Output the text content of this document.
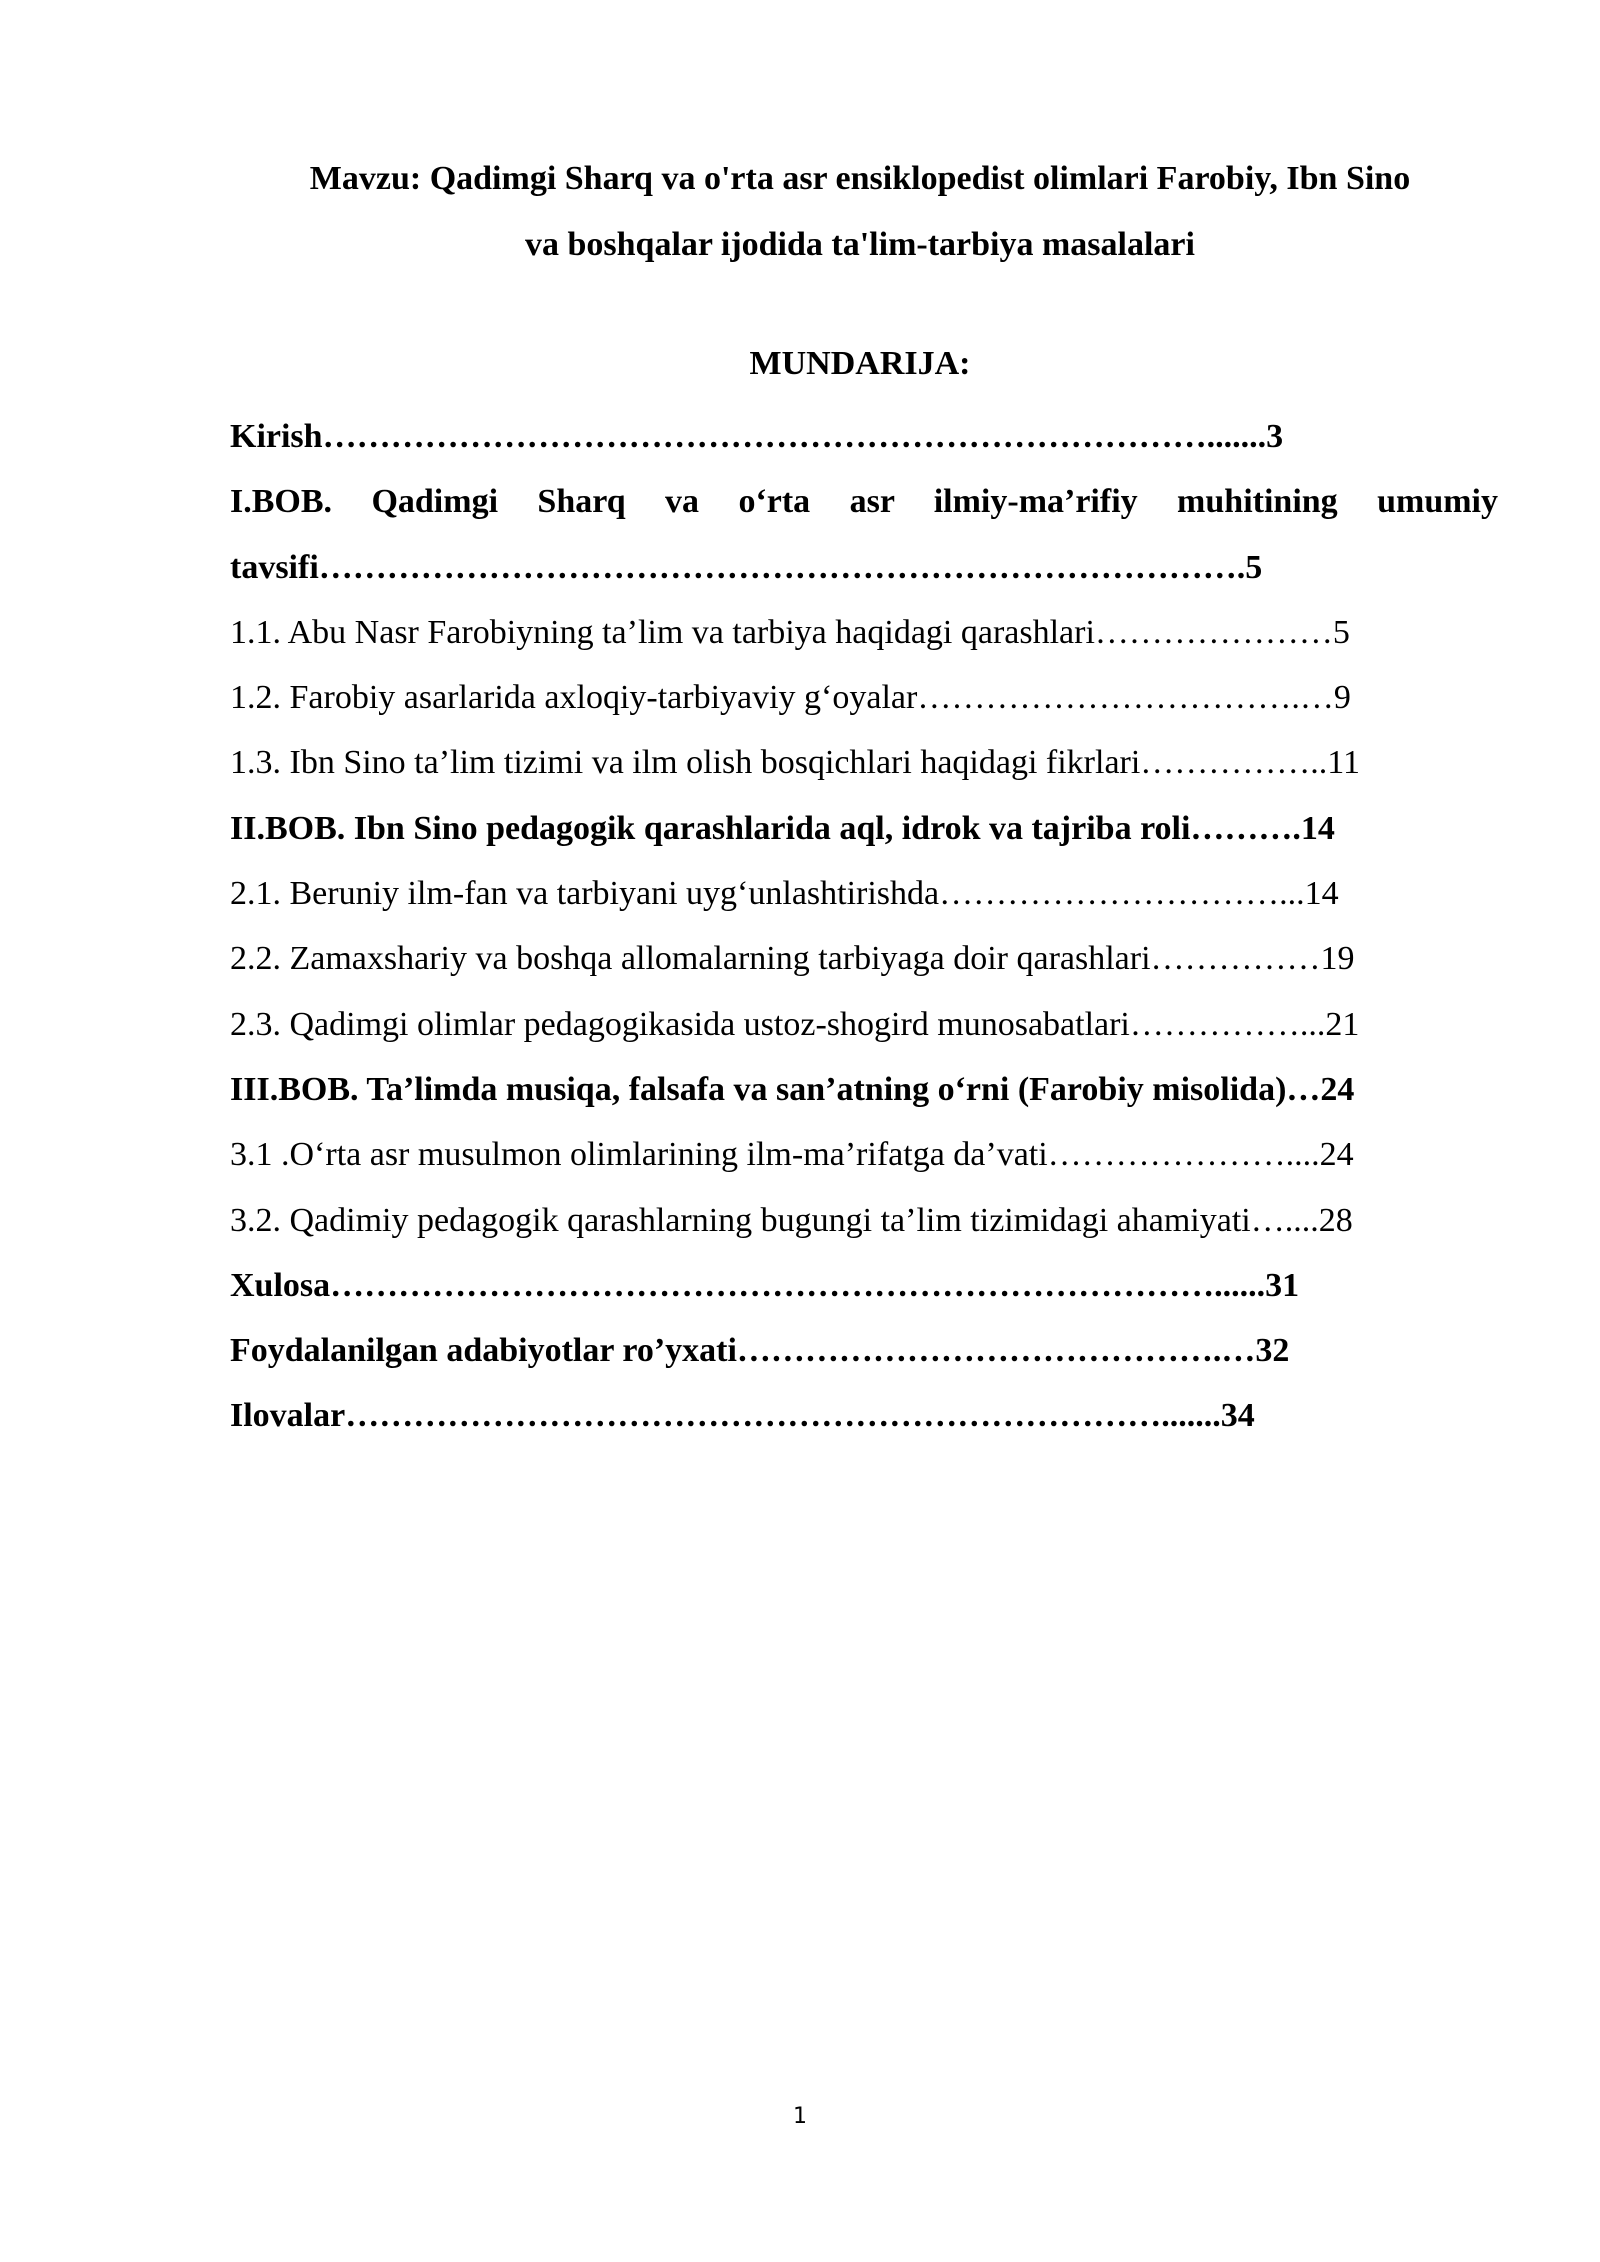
Mavzu: Qadimgi Sharq va o'rta asr ensiklopedist olimlari Farobiy, Ibn Sino
va boshqalar ijodida ta'lim-tarbiya masalalari
MUNDARIJA:
Kirish…………………………………………………………………….......3
I.BOB. Qadimgi Sharq va o‘rta asr ilmiy-ma’rifiy muhitining umumiy
tavsifi……………………………………………………………………….5
1.1. Abu Nasr Farobiyning ta’lim va tarbiya haqidagi qarashlari…………………5
1.2. Farobiy asarlarida axloqiy-tarbiyaviy g‘oyalar…………………………….…9
1.3. Ibn Sino ta’lim tizimi va ilm olish bosqichlari haqidagi fikrlari……………..11
II.BOB. Ibn Sino pedagogik qarashlarida aql, idrok va tajriba roli……….14
2.1. Beruniy ilm-fan va tarbiyani uyg‘unlashtirishda…………………………...14
2.2. Zamaxshariy va boshqa allomalarning tarbiyaga doir qarashlari……………19
2.3. Qadimgi olimlar pedagogikasida ustoz-shogird munosabatlari……………...21
III.BOB. Ta’limda musiqa, falsafa va san’atning o‘rni (Farobiy misolida)…24
3.1 .O‘rta asr musulmon olimlarining ilm-ma’rifatga da’vati…………………....24
3.2. Qadimiy pedagogik qarashlarning bugungi ta’lim tizimidagi ahamiyati…....28
Xulosa……………………………………………………………………......31
Foydalanilgan adabiyotlar ro’yxati…………………………………….…32
Ilovalar……………………………………………………………….......34
1
